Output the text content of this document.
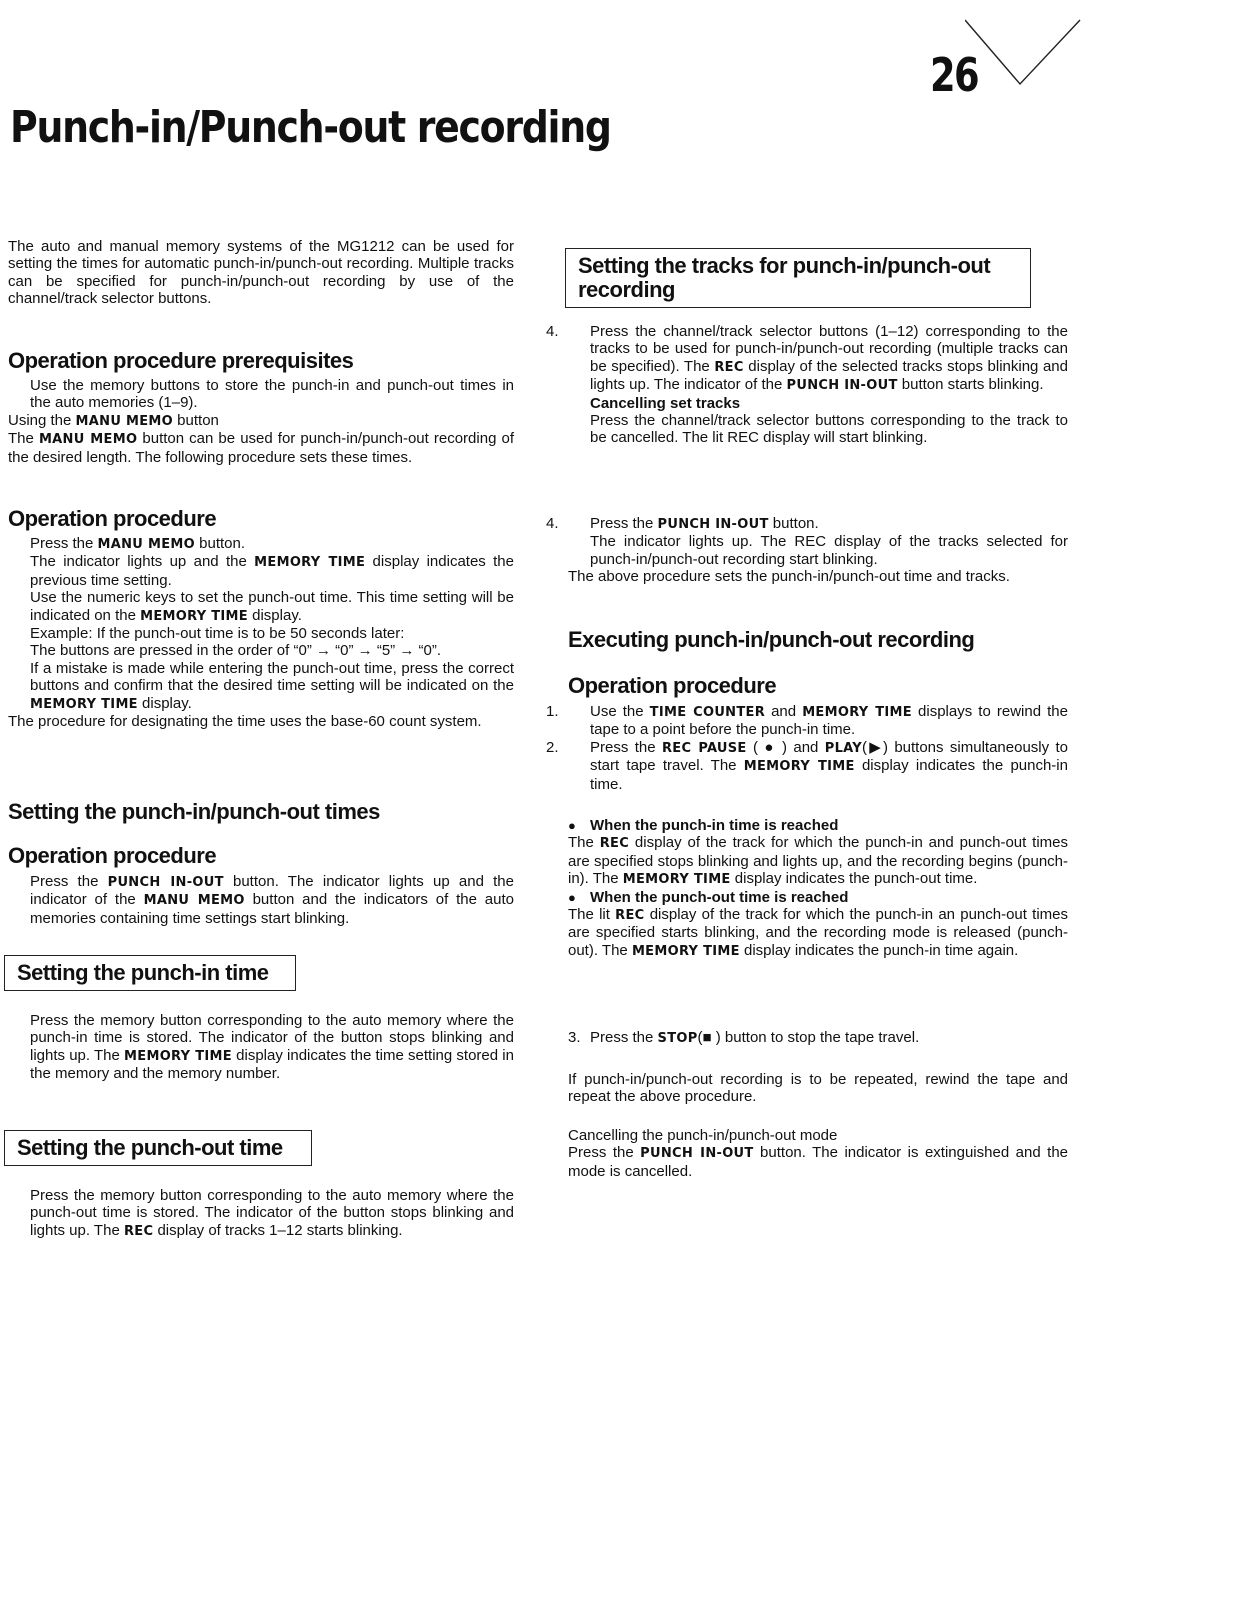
26
Punch-in/Punch-out recording

The auto and manual memory systems of the MG1212 can be used for setting the times for automatic punch-in/punch-out recording. Multiple tracks can be specified for punch-in/punch-out recording by use of the channel/track selector buttons.

Operation procedure prerequisites
Use the memory buttons to store the punch-in and punch-out times in the auto memories (1–9).
Using the MANU MEMO button
The MANU MEMO button can be used for punch-in/punch-out recording of the desired length. The following procedure sets these times.
Operation procedure
Press the MANU MEMO button.
The indicator lights up and the MEMORY TIME display indicates the previous time setting.
Use the numeric keys to set the punch-out time. This time setting will be indicated on the MEMORY TIME display.
Example: If the punch-out time is to be 50 seconds later:
The buttons are pressed in the order of “0” → “0” → “5” → “0”.
If a mistake is made while entering the punch-out time, press the correct buttons and confirm that the desired time setting will be indicated on the MEMORY TIME display.
The procedure for designating the time uses the base-60 count system.
Setting the punch-in/punch-out times
Operation procedure
Press the PUNCH IN-OUT button. The indicator lights up and the indicator of the MANU MEMO button and the indicators of the auto memories containing time settings start blinking.
Setting the punch-in time
Press the memory button corresponding to the auto memory where the punch-in time is stored. The indicator of the button stops blinking and lights up. The MEMORY TIME display indicates the time setting stored in the memory and the memory number.
Setting the punch-out time
Press the memory button corresponding to the auto memory where the punch-out time is stored. The indicator of the button stops blinking and lights up. The REC display of tracks 1–12 starts blinking.
Setting the tracks for punch-in/punch-out recording
4. Press the channel/track selector buttons (1–12) corresponding to the tracks to be used for punch-in/punch-out recording (multiple tracks can be specified). The REC display of the selected tracks stops blinking and lights up. The indicator of the PUNCH IN-OUT button starts blinking.
Cancelling set tracks
Press the channel/track selector buttons corresponding to the track to be cancelled. The lit REC display will start blinking.
4. Press the PUNCH IN-OUT button.
The indicator lights up. The REC display of the tracks selected for punch-in/punch-out recording start blinking.
The above procedure sets the punch-in/punch-out time and tracks.
Executing punch-in/punch-out recording
Operation procedure
1. Use the TIME COUNTER and MEMORY TIME displays to rewind the tape to a point before the punch-in time.
2. Press the REC PAUSE ( ● ) and PLAY(▶) buttons simultaneously to start tape travel. The MEMORY TIME display indicates the punch-in time.
● When the punch-in time is reached
The REC display of the track for which the punch-in and punch-out times are specified stops blinking and lights up, and the recording begins (punch-in). The MEMORY TIME display indicates the punch-out time.
● When the punch-out time is reached
The lit REC display of the track for which the punch-in an punch-out times are specified starts blinking, and the recording mode is released (punch-out). The MEMORY TIME display indicates the punch-in time again.
3. Press the STOP(■ ) button to stop the tape travel.

If punch-in/punch-out recording is to be repeated, rewind the tape and repeat the above procedure.

Cancelling the punch-in/punch-out mode
Press the PUNCH IN-OUT button. The indicator is extinguished and the mode is cancelled.
